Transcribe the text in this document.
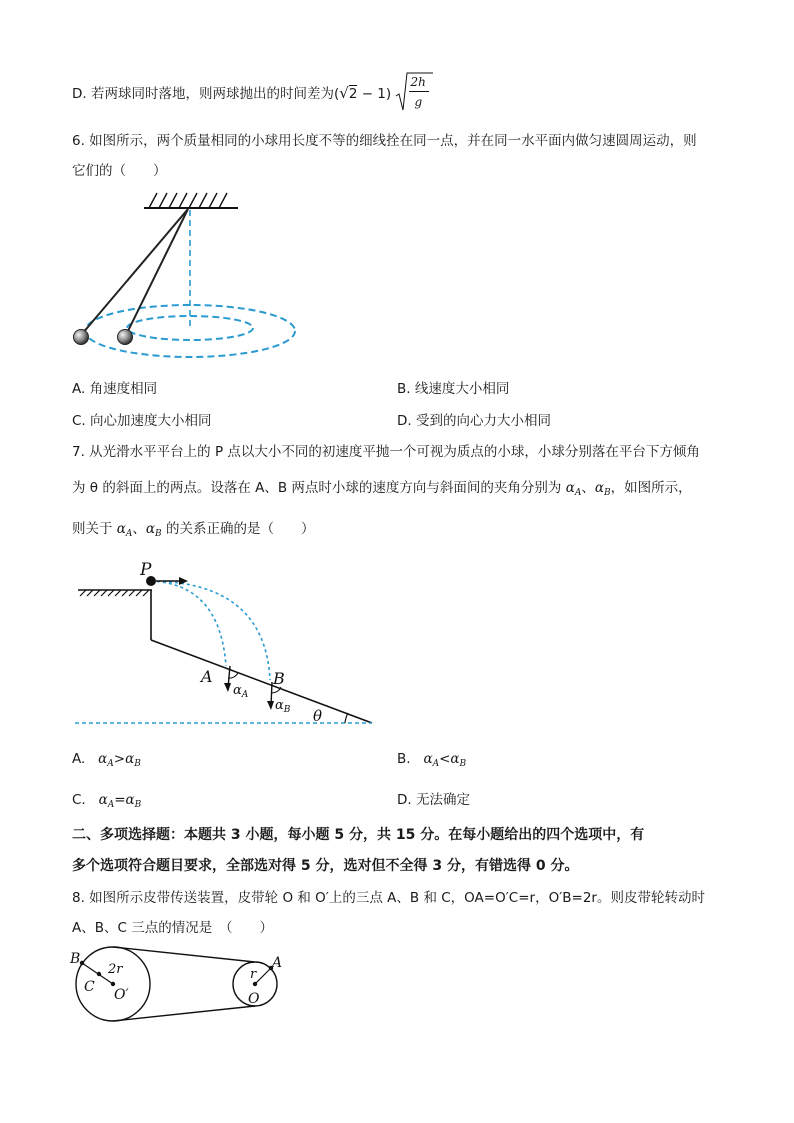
D. 若两球同时落地，则两球抛出的时间差为$(√2 - 1) \frac{2h}{g}$
6. 如图所示，两个质量相同的小球用长度不等的细线拴在同一点，并在同一水平面内做匀速圆周运动，则
它们的（　　）
A. 角速度相同	B. 线速度大小相同
C. 向心加速度大小相同	D. 受到的向心力大小相同
7. 从光滑水平平台上的 P 点以大小不同的初速度平抛一个可视为质点的小球，小球分别落在平台下方倾角
为 θ 的斜面上的两点。设落在 A、B 两点时小球的速度方向与斜面间的夹角分别为 $\alpha_A$、$\alpha_B$，如图所示，
则关于 $\alpha_A$、$\alpha_B$ 的关系正确的是（　　）
P
A	B
$\alpha_A$
$\alpha_B$ θ
A. $\alpha_A>\alpha_B$	B. $\alpha_A<\alpha_B$
C. $\alpha_A=\alpha_B$	D. 无法确定
二、多项选择题：本题共 3 小题，每小题 5 分，共 15 分。在每小题给出的四个选项中，有
多个选项符合题目要求，全部选对得 5 分，选对但不全得 3 分，有错选得 0 分。
8. 如图所示皮带传送装置，皮带轮 O 和 O′上的三点 A、B 和 C，OA=O′C=r，O′B=2r。则皮带轮转动时
A、B、C 三点的情况是　（　　）
B
2r
C O′
r
A
O
